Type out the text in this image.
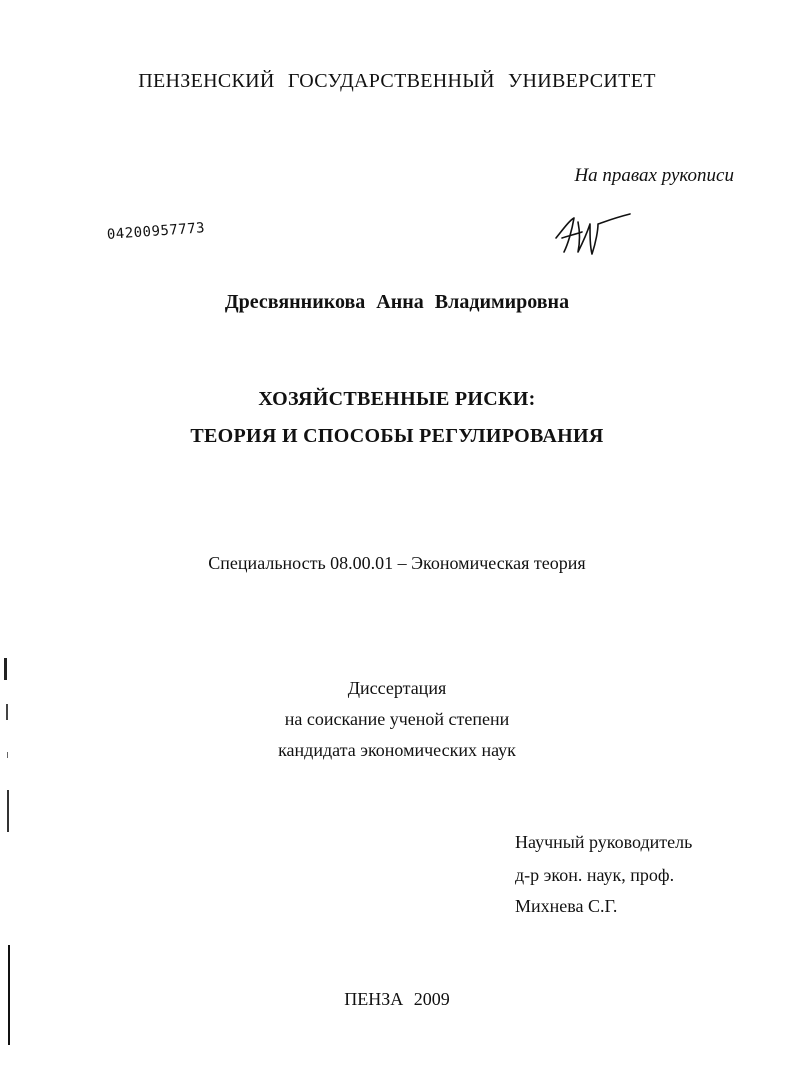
ПЕНЗЕНСКИЙ ГОСУДАРСТВЕННЫЙ УНИВЕРСИТЕТ
На правах рукописи
04200957773
Дресвянникова Анна Владимировна
ХОЗЯЙСТВЕННЫЕ РИСКИ:
ТЕОРИЯ И СПОСОБЫ РЕГУЛИРОВАНИЯ
Специальность 08.00.01 – Экономическая теория
Диссертация
на соискание ученой степени
кандидата экономических наук
Научный руководитель
д-р экон. наук, проф.
Михнева С.Г.
ПЕНЗА 2009
